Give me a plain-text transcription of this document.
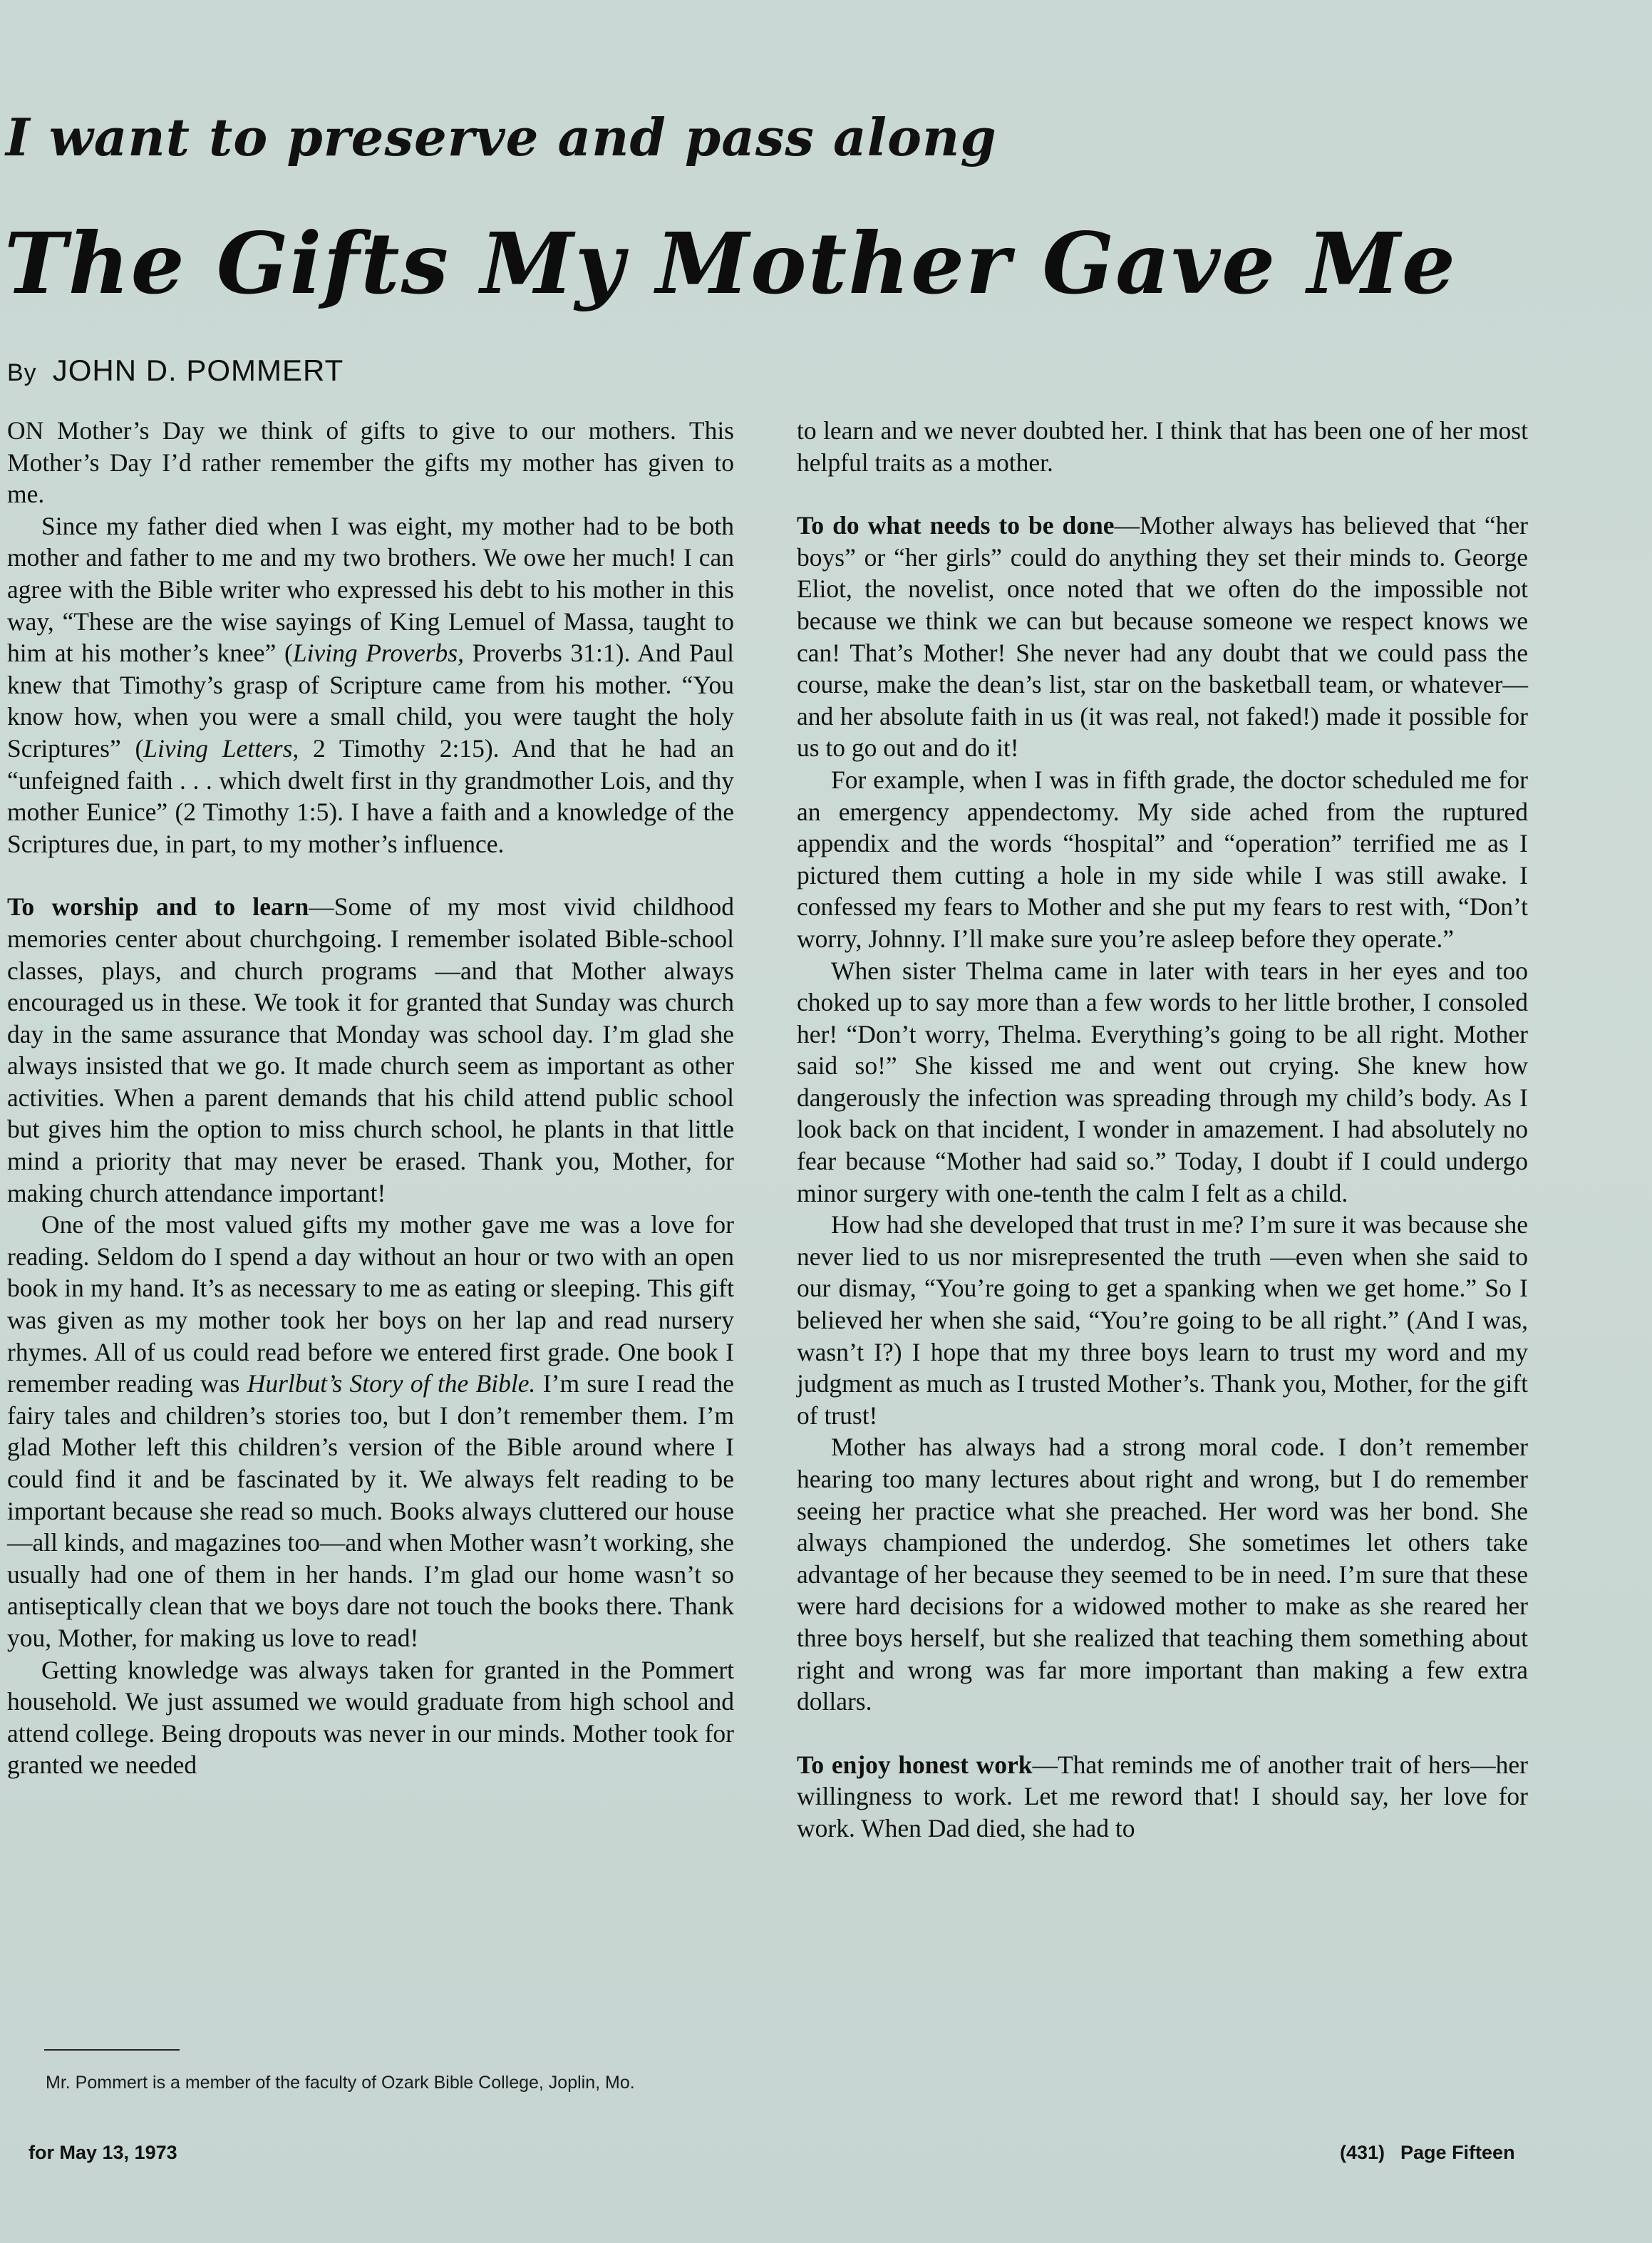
I want to preserve and pass along
The Gifts My Mother Gave Me
By JOHN D. POMMERT

ON Mother’s Day we think of gifts to give to our mothers. This Mother’s Day I’d rather remember the gifts my mother has given to me.

Since my father died when I was eight, my mother had to be both mother and father to me and my two brothers. We owe her much! I can agree with the Bible writer who expressed his debt to his mother in this way, “These are the wise sayings of King Lemuel of Massa, taught to him at his mother’s knee” (Living Proverbs, Proverbs 31:1). And Paul knew that Timothy’s grasp of Scripture came from his mother. “You know how, when you were a small child, you were taught the holy Scriptures” (Living Letters, 2 Timothy 2:15). And that he had an “unfeigned faith . . . which dwelt first in thy grandmother Lois, and thy mother Eunice” (2 Timothy 1:5). I have a faith and a knowledge of the Scriptures due, in part, to my mother’s influence.

To worship and to learn—Some of my most vivid childhood memories center about churchgoing. I remember isolated Bible-school classes, plays, and church programs —and that Mother always encouraged us in these. We took it for granted that Sunday was church day in the same assurance that Monday was school day. I’m glad she always insisted that we go. It made church seem as important as other activities. When a parent demands that his child attend public school but gives him the option to miss church school, he plants in that little mind a priority that may never be erased. Thank you, Mother, for making church attendance important!

One of the most valued gifts my mother gave me was a love for reading. Seldom do I spend a day without an hour or two with an open book in my hand. It’s as necessary to me as eating or sleeping. This gift was given as my mother took her boys on her lap and read nursery rhymes. All of us could read before we entered first grade. One book I remember reading was Hurlbut’s Story of the Bible. I’m sure I read the fairy tales and children’s stories too, but I don’t remember them. I’m glad Mother left this children’s version of the Bible around where I could find it and be fascinated by it. We always felt reading to be important because she read so much. Books always cluttered our house—all kinds, and magazines too—and when Mother wasn’t working, she usually had one of them in her hands. I’m glad our home wasn’t so antiseptically clean that we boys dare not touch the books there. Thank you, Mother, for making us love to read!

Getting knowledge was always taken for granted in the Pommert household. We just assumed we would graduate from high school and attend college. Being dropouts was never in our minds. Mother took for granted we needed

to learn and we never doubted her. I think that has been one of her most helpful traits as a mother.

To do what needs to be done—Mother always has believed that “her boys” or “her girls” could do anything they set their minds to. George Eliot, the novelist, once noted that we often do the impossible not because we think we can but because someone we respect knows we can! That’s Mother! She never had any doubt that we could pass the course, make the dean’s list, star on the basketball team, or whatever—and her absolute faith in us (it was real, not faked!) made it possible for us to go out and do it!

For example, when I was in fifth grade, the doctor scheduled me for an emergency appendectomy. My side ached from the ruptured appendix and the words “hospital” and “operation” terrified me as I pictured them cutting a hole in my side while I was still awake. I confessed my fears to Mother and she put my fears to rest with, “Don’t worry, Johnny. I’ll make sure you’re asleep before they operate.”

When sister Thelma came in later with tears in her eyes and too choked up to say more than a few words to her little brother, I consoled her! “Don’t worry, Thelma. Everything’s going to be all right. Mother said so!” She kissed me and went out crying. She knew how dangerously the infection was spreading through my child’s body. As I look back on that incident, I wonder in amazement. I had absolutely no fear because “Mother had said so.” Today, I doubt if I could undergo minor surgery with one-tenth the calm I felt as a child.

How had she developed that trust in me? I’m sure it was because she never lied to us nor misrepresented the truth —even when she said to our dismay, “You’re going to get a spanking when we get home.” So I believed her when she said, “You’re going to be all right.” (And I was, wasn’t I?) I hope that my three boys learn to trust my word and my judgment as much as I trusted Mother’s. Thank you, Mother, for the gift of trust!

Mother has always had a strong moral code. I don’t remember hearing too many lectures about right and wrong, but I do remember seeing her practice what she preached. Her word was her bond. She always championed the underdog. She sometimes let others take advantage of her because they seemed to be in need. I’m sure that these were hard decisions for a widowed mother to make as she reared her three boys herself, but she realized that teaching them something about right and wrong was far more important than making a few extra dollars.

To enjoy honest work—That reminds me of another trait of hers—her willingness to work. Let me reword that! I should say, her love for work. When Dad died, she had to

Mr. Pommert is a member of the faculty of Ozark Bible College, Joplin, Mo.
for May 13, 1973	(431) Page Fifteen
